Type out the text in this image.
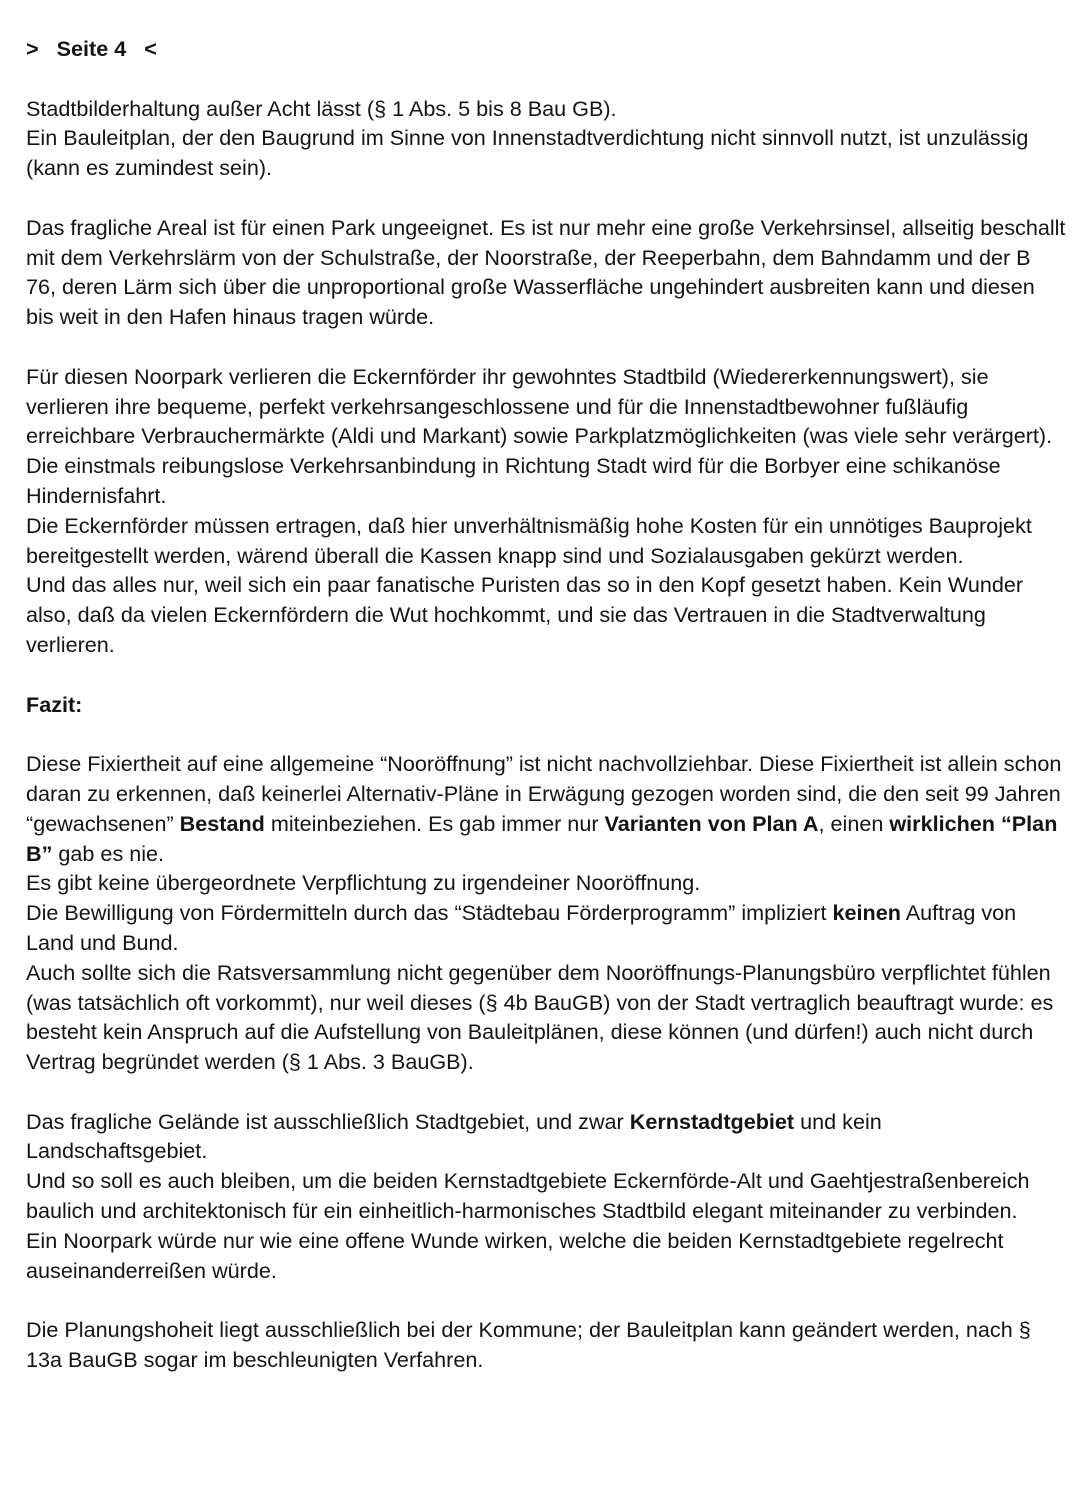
> Seite 4 <

Stadtbilderhaltung außer Acht lässt (§ 1 Abs. 5 bis 8 Bau GB).

Ein Bauleitplan, der den Baugrund im Sinne von Innenstadtverdichtung nicht sinnvoll nutzt, ist unzulässig (kann es zumindest sein).

Das fragliche Areal ist für einen Park ungeeignet. Es ist nur mehr eine große Verkehrsinsel, allseitig beschallt mit dem Verkehrslärm von der Schulstraße, der Noorstraße, der Reeperbahn, dem Bahndamm und der B 76, deren Lärm sich über die unproportional große Wasserfläche ungehindert ausbreiten kann und diesen bis weit in den Hafen hinaus tragen würde.

Für diesen Noorpark verlieren die Eckernförder ihr gewohntes Stadtbild (Wiedererkennungswert), sie verlieren ihre bequeme, perfekt verkehrsangeschlossene und für die Innenstadtbewohner fußläufig erreichbare Verbrauchermärkte (Aldi und Markant) sowie Parkplatzmöglichkeiten (was viele sehr verärgert).

Die einstmals reibungslose Verkehrsanbindung in Richtung Stadt wird für die Borbyer eine schikanöse Hindernisfahrt.

Die Eckernförder müssen ertragen, daß hier unverhältnismäßig hohe Kosten für ein unnötiges Bauprojekt bereitgestellt werden, wärend überall die Kassen knapp sind und Sozialausgaben gekürzt werden.

Und das alles nur, weil sich ein paar fanatische Puristen das so in den Kopf gesetzt haben. Kein Wunder also, daß da vielen Eckernfördern die Wut hochkommt, und sie das Vertrauen in die Stadtverwaltung verlieren.

Fazit:

Diese Fixiertheit auf eine allgemeine “Nooröffnung” ist nicht nachvollziehbar. Diese Fixiertheit ist allein schon daran zu erkennen, daß keinerlei Alternativ-Pläne in Erwägung gezogen worden sind, die den seit 99 Jahren “gewachsenen” Bestand miteinbeziehen. Es gab immer nur Varianten von Plan A, einen wirklichen “Plan B” gab es nie.

Es gibt keine übergeordnete Verpflichtung zu irgendeiner Nooröffnung.

Die Bewilligung von Fördermitteln durch das “Städtebau Förderprogramm” impliziert keinen Auftrag von Land und Bund.

Auch sollte sich die Ratsversammlung nicht gegenüber dem Nooröffnungs-Planungsbüro verpflichtet fühlen (was tatsächlich oft vorkommt), nur weil dieses (§ 4b BauGB) von der Stadt vertraglich beauftragt wurde: es besteht kein Anspruch auf die Aufstellung von Bauleitplänen, diese können (und dürfen!) auch nicht durch Vertrag begründet werden (§ 1 Abs. 3 BauGB).

Das fragliche Gelände ist ausschließlich Stadtgebiet, und zwar Kernstadtgebiet und kein Landschaftsgebiet.

Und so soll es auch bleiben, um die beiden Kernstadtgebiete Eckernförde-Alt und Gaehtjestraßenbereich baulich und architektonisch für ein einheitlich-harmonisches Stadtbild elegant miteinander zu verbinden.

Ein Noorpark würde nur wie eine offene Wunde wirken, welche die beiden Kernstadtgebiete regelrecht auseinanderreißen würde.

Die Planungshoheit liegt ausschließlich bei der Kommune; der Bauleitplan kann geändert werden, nach § 13a BauGB sogar im beschleunigten Verfahren.
